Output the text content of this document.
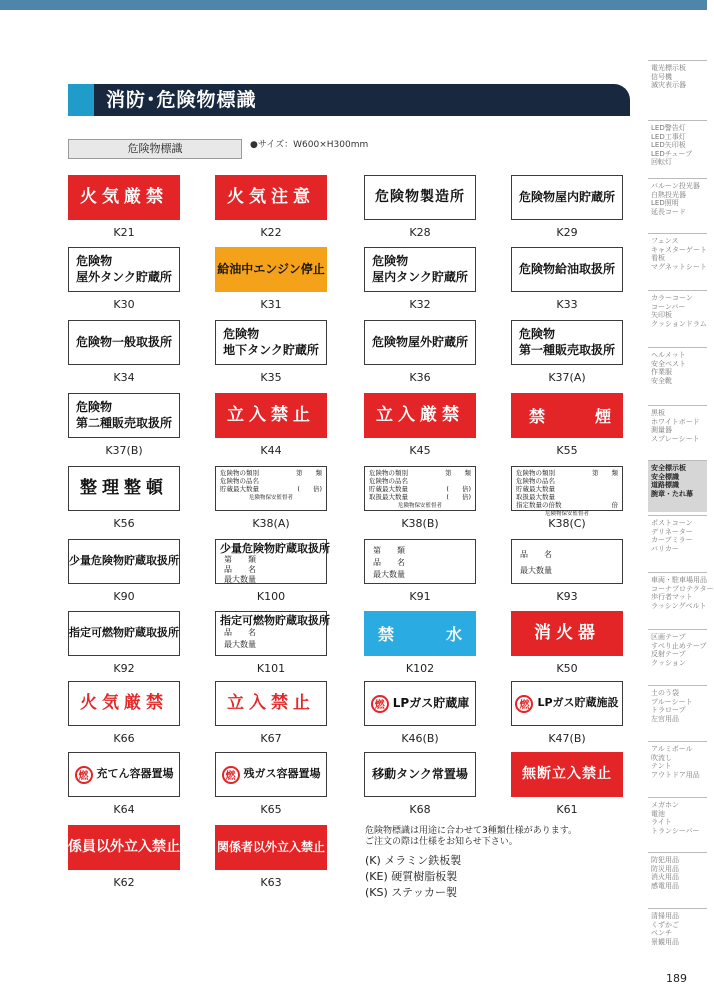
消防･危険物標識
危険物標識	●サイズ：W600×H300mm
火気厳禁
K21
火気注意
K22
危険物製造所
K28
危険物屋内貯蔵所
K29
危険物
屋外タンク貯蔵所
K30
給油中エンジン停止
K31
危険物
屋内タンク貯蔵所
K32
危険物給油取扱所
K33
危険物一般取扱所
K34
危険物
地下タンク貯蔵所
K35
危険物屋外貯蔵所
K36
危険物
第一種販売取扱所
K37(A)
危険物
第二種販売取扱所
K37(B)
立入禁止
K44
立入厳禁
K45
禁	煙
K55
整理整頓
K56
危険物の類別	第　　類
危険物の品名
貯蔵最大数量	(　　倍)
危険物保安監督者
K38(A)
危険物の類別	第　　類
危険物の品名
貯蔵最大数量	(　　倍)
取扱最大数量	(　　倍)
危険物保安監督者
K38(B)
危険物の類別	第　　類
危険物の品名
貯蔵最大数量
取扱最大数量
指定数量の倍数	倍
危険物保安監督者
K38(C)
少量危険物貯蔵取扱所
K90
少量危険物貯蔵取扱所
第　　類
品　　名
最大数量
K100
第　　類
品　　名
最大数量
K91
品　　名
最大数量
K93
指定可燃物貯蔵取扱所
K92
指定可燃物貯蔵取扱所
品　　名
最大数量
K101
禁	水
K102
消火器
K50
火気厳禁
K66
立入禁止
K67
燃 LPガス貯蔵庫
K46(B)
燃 LPガス貯蔵施設
K47(B)
燃 充てん容器置場
K64
燃 残ガス容器置場
K65
移動タンク常置場
K68
無断立入禁止
K61
係員以外立入禁止
K62
関係者以外立入禁止
K63
危険物標識は用途に合わせて3種類仕様があります。
ご注文の際は仕様をお知らせ下さい。
(K) メラミン鉄板製
(KE) 硬質樹脂板製
(KS) ステッカー製
電光標示板
信号機
滅灾表示器
LED警告灯
LED工事灯
LED矢印板
LEDチューブ
回転灯
バルーン投光器
白熱投光器
LED照明
延長コード
フェンス
キャスターゲート
看板
マグネットシート
カラーコーン
コーンバー
矢印板
クッションドラム
ヘルメット
安全ベスト
作業服
安全靴
黒板
ホワイトボード
測量器
スプレーシート
安全標示板
安全標識
道路標識
腕章・たれ幕
ポストコーン
デリネーター
カーブミラー
バリカー
車両・駐車場用品
コーナプロテクター
歩行者マット
ラッシングベルト
区画テープ
すべり止めテープ
反射テープ
クッション
土のう袋
ブルーシート
トラロープ
左官用品
アルミポール
吹流し
テント
アウトドア用品
メガホン
電池
ライト
トランシーバー
防犯用品
防災用品
消火用品
感電用品
清掃用品
くずかご
ベンチ
景観用品
189
